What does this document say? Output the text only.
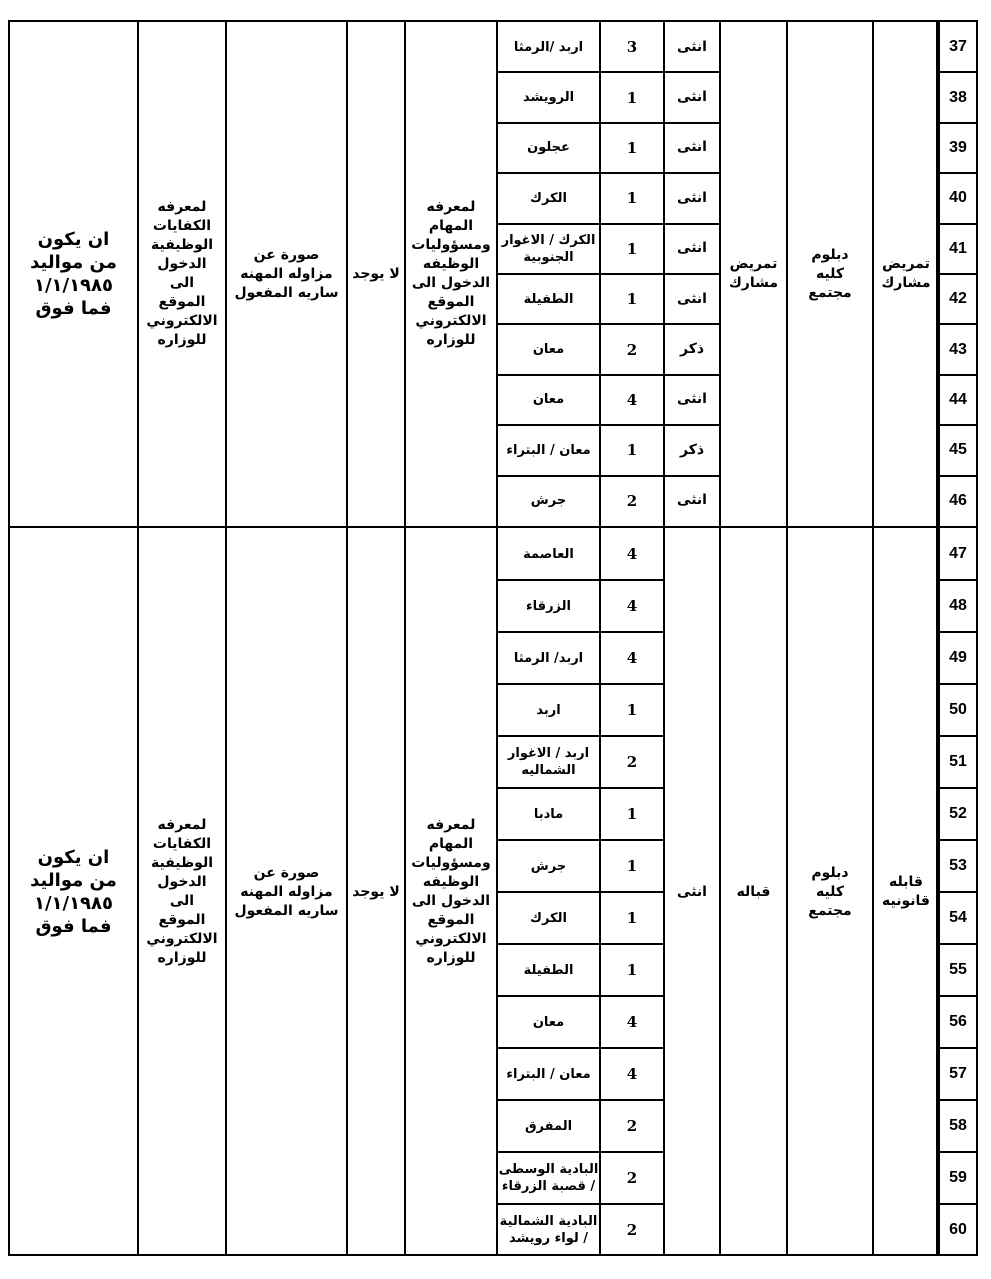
ان يكون من مواليد ١/١/١٩٨٥ فما فوق
لمعرفه الكفايات الوظيفية الدخول الى الموقع الالكتروني للوزاره
صورة عن مزاوله المهنه ساريه المفعول
لا يوجد
لمعرفه المهام ومسؤوليات الوظيفه الدخول الى الموقع الالكتروني للوزاره
تمريض مشارك
دبلوم كليه مجتمع
تمريض مشارك
ان يكون من مواليد ١/١/١٩٨٥ فما فوق
لمعرفه الكفايات الوظيفية الدخول الى الموقع الالكتروني للوزاره
صورة عن مزاوله المهنه ساريه المفعول
لا يوجد
لمعرفه المهام ومسؤوليات الوظيفه الدخول الى الموقع الالكتروني للوزاره
انثى	قباله
دبلوم كليه مجتمع
قابله قانونيه
اربد /الرمثا	3	انثى	37
الرويشد	1	انثى	38
عجلون	1	انثى	39
الكرك	1	انثى	40
الكرك / الاغوار الجنوبية	1	انثى	41
الطفيلة	1	انثى	42
معان	2	ذكر	43
معان	4	انثى	44
معان / البتراء	1	ذكر	45
جرش	2	انثى	46
العاصمة	4	47
الزرقاء	4	48
اربد/ الرمثا	4	49
اربد	1	50
اربد / الاغوار الشماليه	2	51
مادبا	1	52
جرش	1	53
الكرك	1	54
الطفيلة	1	55
معان	4	56
معان / البتراء	4	57
المفرق	2	58
البادية الوسطى / قصبة الزرقاء	2	59
البادية الشمالية / لواء رويشد	2	60
